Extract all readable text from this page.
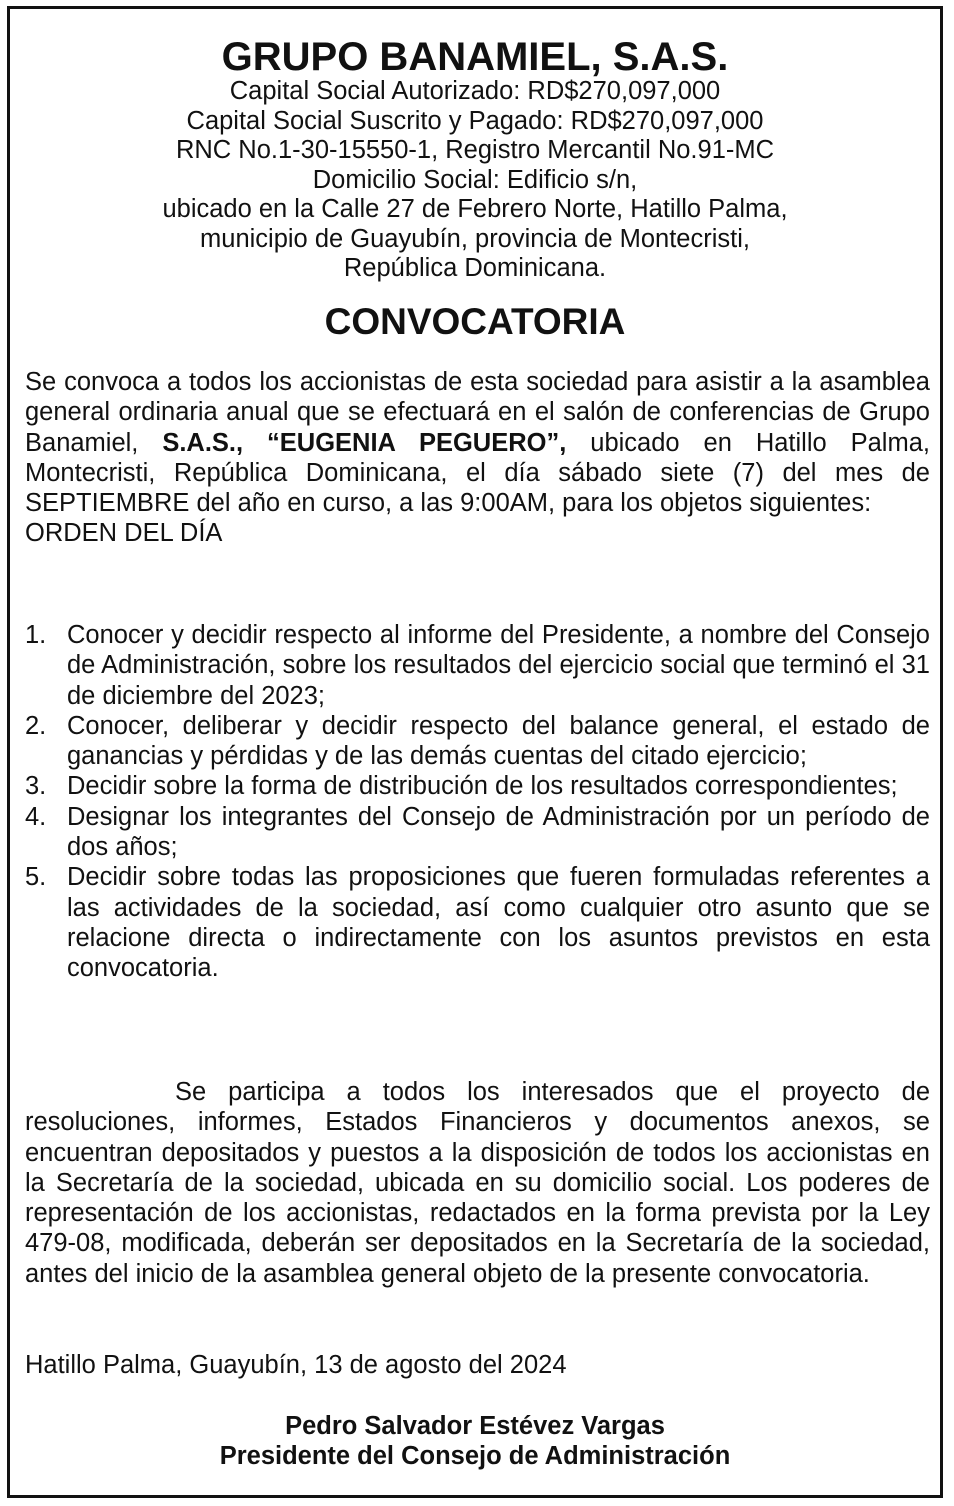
GRUPO BANAMIEL, S.A.S.
Capital Social Autorizado: RD$270,097,000
Capital Social Suscrito y Pagado: RD$270,097,000
RNC No.1-30-15550-1, Registro Mercantil No.91-MC
Domicilio Social: Edificio s/n,
ubicado en la Calle 27 de Febrero Norte, Hatillo Palma,
municipio de Guayubín, provincia de Montecristi,
República Dominicana.
CONVOCATORIA
Se convoca a todos los accionistas de esta sociedad para asistir a la asamblea general ordinaria anual que se efectuará en el salón de conferencias de Grupo Banamiel, S.A.S., “EUGENIA PEGUERO”, ubicado en Hatillo Palma, Montecristi, República Dominicana, el día sábado siete (7) del mes de SEPTIEMBRE del año en curso, a las 9:00AM, para los objetos siguientes:
ORDEN DEL DÍA
1. Conocer y decidir respecto al informe del Presidente, a nombre del Consejo de Administración, sobre los resultados del ejercicio social que terminó el 31 de diciembre del 2023;
2. Conocer, deliberar y decidir respecto del balance general, el estado de ganancias y pérdidas y de las demás cuentas del citado ejercicio;
3. Decidir sobre la forma de distribución de los resultados correspondientes;
4. Designar los integrantes del Consejo de Administración por un período de dos años;
5. Decidir sobre todas las proposiciones que fueren formuladas referentes a las actividades de la sociedad, así como cualquier otro asunto que se relacione directa o indirectamente con los asuntos previstos en esta convocatoria.
Se participa a todos los interesados que el proyecto de resoluciones, informes, Estados Financieros y documentos anexos, se encuentran depositados y puestos a la disposición de todos los accionistas en la Secretaría de la sociedad, ubicada en su domicilio social. Los poderes de representación de los accionistas, redactados en la forma prevista por la Ley 479-08, modificada, deberán ser depositados en la Secretaría de la sociedad, antes del inicio de la asamblea general objeto de la presente convocatoria.
Hatillo Palma, Guayubín, 13 de agosto del 2024
Pedro Salvador Estévez Vargas
Presidente del Consejo de Administración
